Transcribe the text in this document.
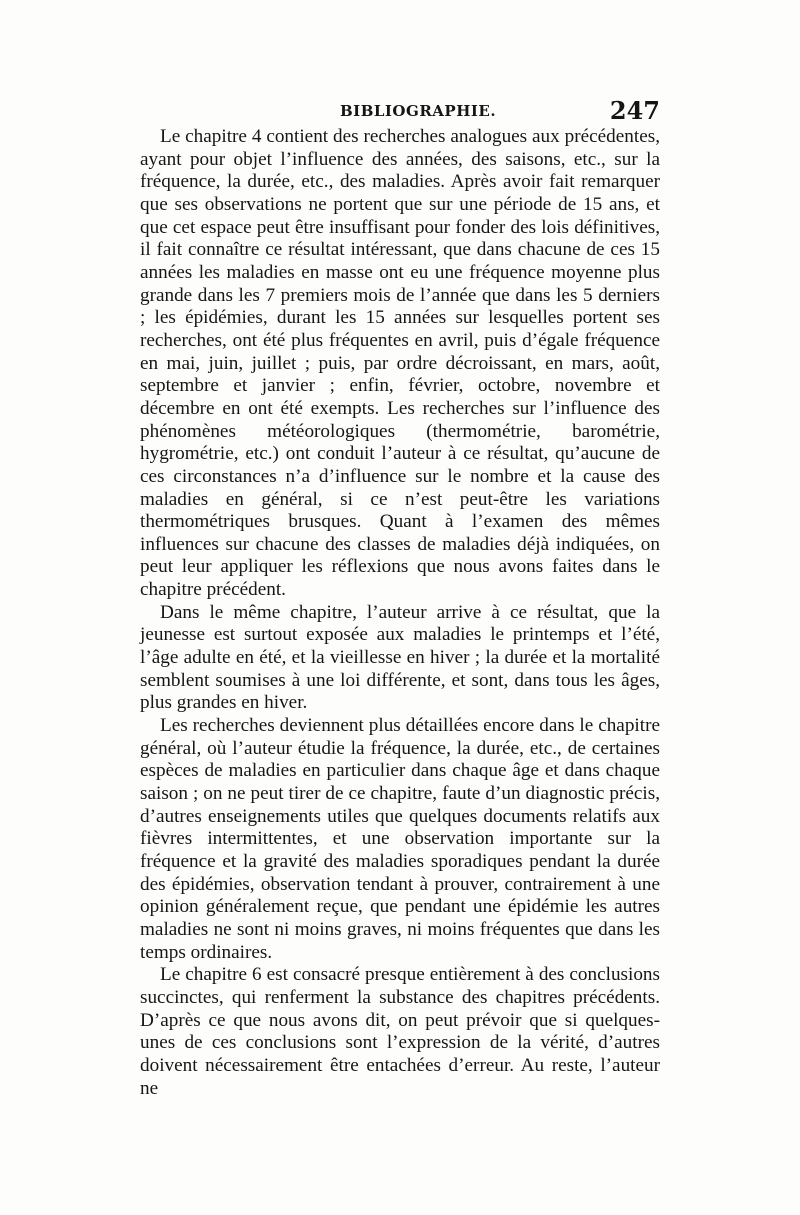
BIBLIOGRAPHIE.	247

Le chapitre 4 contient des recherches analogues aux précédentes, ayant pour objet l’influence des années, des saisons, etc., sur la fréquence, la durée, etc., des maladies. Après avoir fait remarquer que ses observations ne portent que sur une période de 15 ans, et que cet espace peut être insuffisant pour fonder des lois définitives, il fait connaître ce résultat intéressant, que dans chacune de ces 15 années les maladies en masse ont eu une fréquence moyenne plus grande dans les 7 premiers mois de l’année que dans les 5 derniers ; les épidémies, durant les 15 années sur lesquelles portent ses recherches, ont été plus fréquentes en avril, puis d’égale fréquence en mai, juin, juillet ; puis, par ordre décroissant, en mars, août, septembre et janvier ; enfin, février, octobre, novembre et décembre en ont été exempts. Les recherches sur l’influence des phénomènes météorologiques (thermométrie, barométrie, hygrométrie, etc.) ont conduit l’auteur à ce résultat, qu’aucune de ces circonstances n’a d’influence sur le nombre et la cause des maladies en général, si ce n’est peut-être les variations thermométriques brusques. Quant à l’examen des mêmes influences sur chacune des classes de maladies déjà indiquées, on peut leur appliquer les réflexions que nous avons faites dans le chapitre précédent.

Dans le même chapitre, l’auteur arrive à ce résultat, que la jeunesse est surtout exposée aux maladies le printemps et l’été, l’âge adulte en été, et la vieillesse en hiver ; la durée et la mortalité semblent soumises à une loi différente, et sont, dans tous les âges, plus grandes en hiver.

Les recherches deviennent plus détaillées encore dans le chapitre général, où l’auteur étudie la fréquence, la durée, etc., de certaines espèces de maladies en particulier dans chaque âge et dans chaque saison ; on ne peut tirer de ce chapitre, faute d’un diagnostic précis, d’autres enseignements utiles que quelques documents relatifs aux fièvres intermittentes, et une observation importante sur la fréquence et la gravité des maladies sporadiques pendant la durée des épidémies, observation tendant à prouver, contrairement à une opinion généralement reçue, que pendant une épidémie les autres maladies ne sont ni moins graves, ni moins fréquentes que dans les temps ordinaires.

Le chapitre 6 est consacré presque entièrement à des conclusions succinctes, qui renferment la substance des chapitres précédents. D’après ce que nous avons dit, on peut prévoir que si quelques-unes de ces conclusions sont l’expression de la vérité, d’autres doivent nécessairement être entachées d’erreur. Au reste, l’auteur ne
